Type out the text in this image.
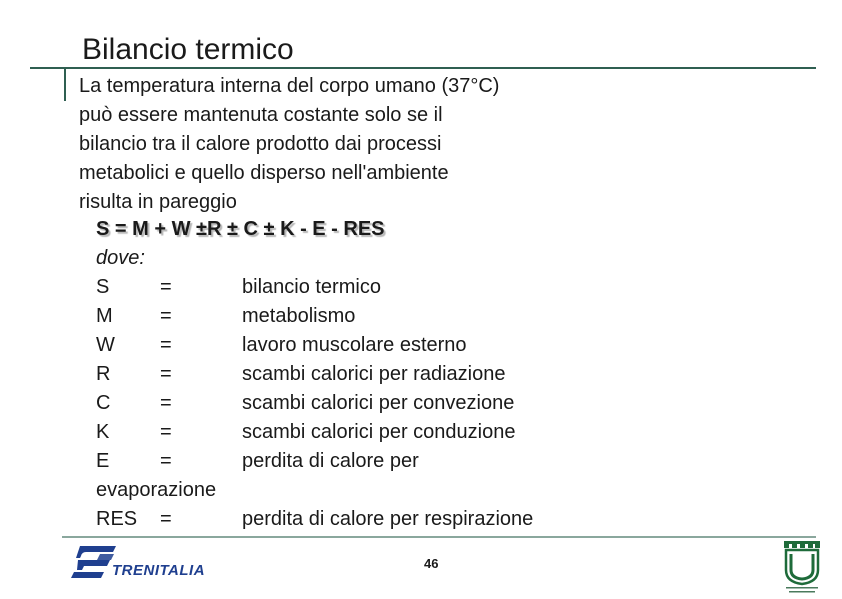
Bilancio termico
La temperatura interna del corpo umano (37°C)
può essere mantenuta costante solo se il
bilancio tra il calore prodotto dai processi
metabolici e quello disperso nell'ambiente
risulta in pareggio
S = M + W ±R ± C ± K - E - RES
dove:
S	=	bilancio termico
M =	metabolismo
W =	lavoro muscolare esterno
R =	scambi calorici per radiazione
C =	scambi calorici per convezione
K	=	scambi calorici per conduzione
E	=	perdita di calore per
evaporazione
RES =	perdita di calore per respirazione
TRENITALIA	46
